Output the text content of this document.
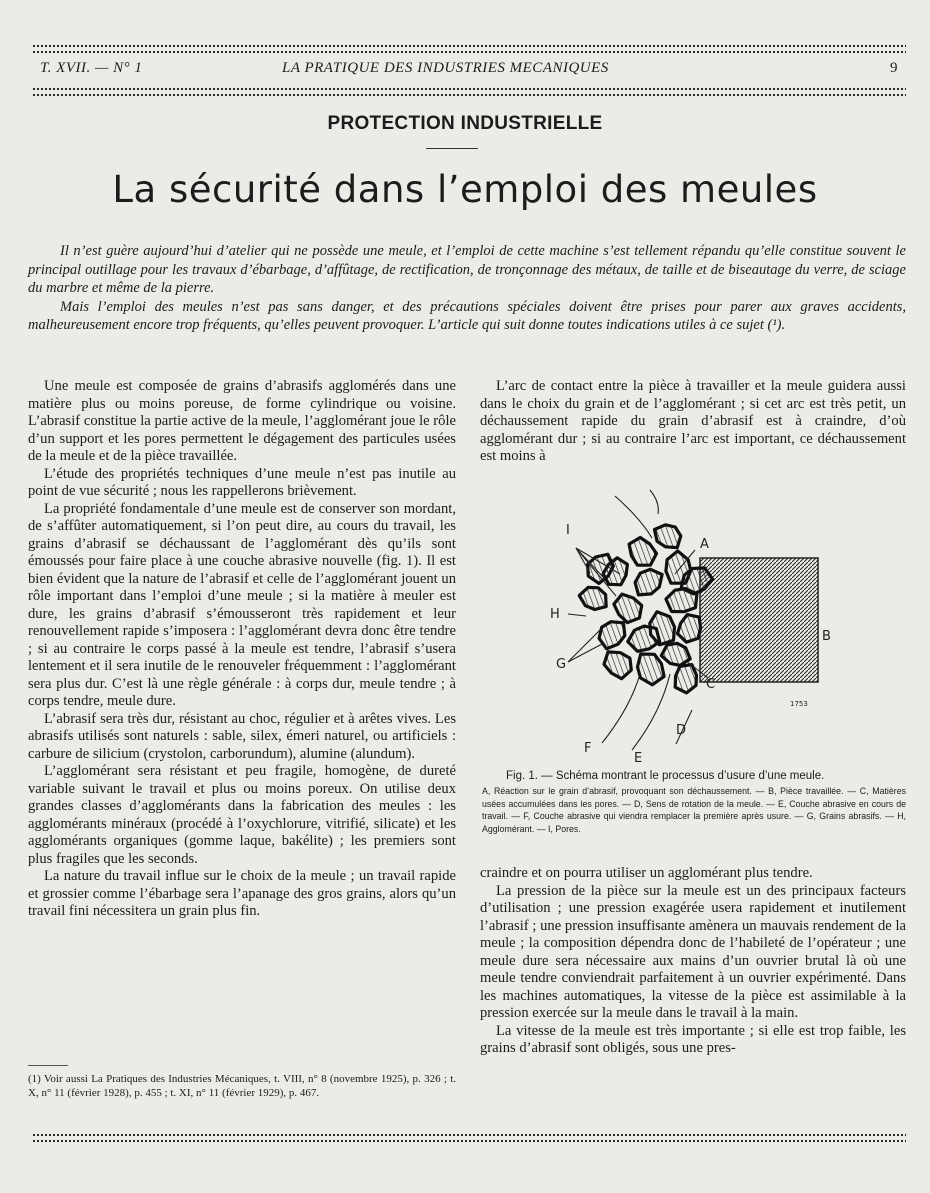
T. XVII. — N° 1	LA PRATIQUE DES INDUSTRIES MECANIQUES	9
PROTECTION INDUSTRIELLE
La sécurité dans l’emploi des meules

Il n’est guère aujourd’hui d’atelier qui ne possède une meule, et l’emploi de cette machine s’est tellement répandu qu’elle constitue souvent le principal outillage pour les travaux d’ébarbage, d’affûtage, de rectification, de tronçonnage des métaux, de taille et de biseautage du verre, de sciage du marbre et même de la pierre.

Mais l’emploi des meules n’est pas sans danger, et des précautions spéciales doivent être prises pour parer aux graves accidents, malheureusement encore trop fréquents, qu’elles peuvent provoquer. L’article qui suit donne toutes indications utiles à ce sujet (¹).

Une meule est composée de grains d’abrasifs agglomérés dans une matière plus ou moins poreuse, de forme cylindrique ou voisine. L’abrasif constitue la partie active de la meule, l’agglomérant joue le rôle d’un support et les pores permettent le dégagement des particules usées de la meule et de la pièce travaillée.

L’étude des propriétés techniques d’une meule n’est pas inutile au point de vue sécurité ; nous les rappellerons brièvement.

La propriété fondamentale d’une meule est de conserver son mordant, de s’affûter automatiquement, si l’on peut dire, au cours du travail, les grains d’abrasif se déchaussant de l’agglomérant dès qu’ils sont émoussés pour faire place à une couche abrasive nouvelle (fig. 1). Il est bien évident que la nature de l’abrasif et celle de l’agglomérant jouent un rôle important dans l’emploi d’une meule ; si la matière à meuler est dure, les grains d’abrasif s’émousseront très rapidement et leur renouvellement rapide s’imposera : l’agglomérant devra donc être tendre ; si au contraire le corps passé à la meule est tendre, l’abrasif s’usera lentement et il sera inutile de le renouveler fréquemment : l’agglomérant sera plus dur. C’est là une règle générale : à corps dur, meule tendre ; à corps tendre, meule dure.

L’abrasif sera très dur, résistant au choc, régulier et à arêtes vives. Les abrasifs utilisés sont naturels : sable, silex, émeri naturel, ou artificiels : carbure de silicium (crystolon, carborundum), alumine (alundum).

L’agglomérant sera résistant et peu fragile, homogène, de dureté variable suivant le travail et plus ou moins poreux. On utilise deux grandes classes d’agglomérants dans la fabrication des meules : les agglomérants minéraux (procédé à l’oxychlorure, vitrifié, silicate) et les agglomérants organiques (gomme laque, bakélite) ; les premiers sont plus fragiles que les seconds.

La nature du travail influe sur le choix de la meule ; un travail rapide et grossier comme l’ébarbage sera l’apanage des gros grains, alors qu’un travail fini nécessitera un grain plus fin.

(1) Voir aussi La Pratiques des Industries Mécaniques, t. VIII, n° 8 (novembre 1925), p. 326 ; t. X, n° 11 (février 1928), p. 455 ; t. XI, n° 11 (février 1929), p. 467.

L’arc de contact entre la pièce à travailler et la meule guidera aussi dans le choix du grain et de l’agglomérant ; si cet arc est très petit, un déchaussement rapide du grain d’abrasif est à craindre, d’où agglomérant dur ; si au contraire l’arc est important, ce déchaussement est moins à

I
A
H
B
G
C
F
E
D
1753

Fig. 1. — Schéma montrant le processus d’usure d’une meule.

A, Réaction sur le grain d’abrasif, provoquant son déchaussement. — B, Pièce travaillée. — C, Matières usées accumulées dans les pores. — D, Sens de rotation de la meule. — E, Couche abrasive en cours de travail. — F, Couche abrasive qui viendra remplacer la première après usure. — G, Grains abrasifs. — H, Agglomérant. — I, Pores.

craindre et on pourra utiliser un agglomérant plus tendre.

La pression de la pièce sur la meule est un des principaux facteurs d’utilisation ; une pression exagérée usera rapidement et inutilement l’abrasif ; une pression insuffisante amènera un mauvais rendement de la meule ; la composition dépendra donc de l’habileté de l’opérateur ; une meule dure sera nécessaire aux mains d’un ouvrier brutal là où une meule tendre conviendrait parfaitement à un ouvrier expérimenté. Dans les machines automatiques, la vitesse de la pièce est assimilable à la pression exercée sur la meule dans le travail à la main.

La vitesse de la meule est très importante ; si elle est trop faible, les grains d’abrasif sont obligés, sous une pres-
